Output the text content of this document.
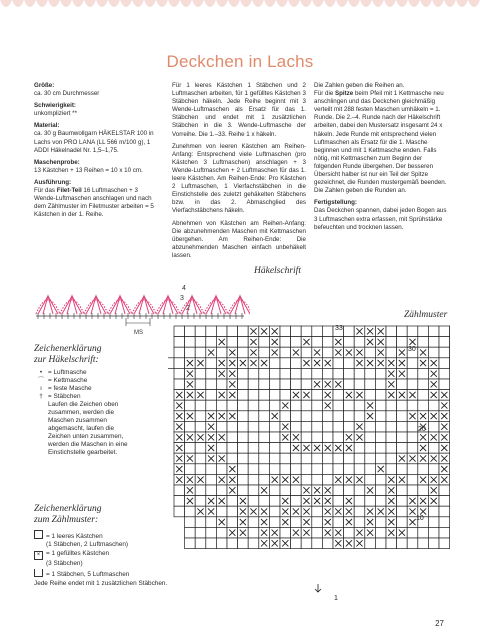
Deckchen in Lachs

Größe:
ca. 30 cm Durchmesser

Schwierigkeit:
unkompliziert **

Material:
ca. 30 g Baumwollgarn HÄKELSTAR 100 in Lachs von PRO LANA (LL 566 m/100 g), 1 ADDI Häkelnadel Nr. 1,5–1,75.

Maschenprobe:
13 Kästchen + 13 Reihen = 10 x 10 cm.

Ausführung:
Für das Filet-Teil 16 Luftmaschen + 3 Wende-Luftmaschen anschlagen und nach dem Zählmuster im Filetmuster arbeiten = 5 Kästchen in der 1. Reihe.

Für 1 leeres Kästchen 1 Stäbchen und 2 Luftmaschen arbeiten, für 1 gefülltes Kästchen 3 Stäbchen häkeln. Jede Reihe beginnt mit 3 Wende-Luftmaschen als Ersatz für das 1. Stäbchen und endet mit 1 zusätzlichen Stäbchen in die 3. Wende-Luftmasche der Vorreihe. Die 1.–33. Reihe 1 x häkeln.

Zunehmen von leeren Kästchen am Reihen-Anfang: Entsprechend viele Luftmaschen (pro Kästchen 3 Luftmaschen) anschlagen + 3 Wende-Luftmaschen + 2 Luftmaschen für das 1. leere Kästchen. Am Reihen-Ende: Pro Kästchen 2 Luftmaschen, 1 Vierfachstäbchen in die Einstichstelle des zuletzt gehäkelten Stäbchens bzw. in das 2. Abmaschglied des Vierfachstäbchens häkeln.

Abnehmen von Kästchen am Reihen-Anfang: Die abzunehmenden Maschen mit Kettmaschen übergehen. Am Reihen-Ende: Die abzunehmenden Maschen einfach unbehäkelt lassen.

Die Zahlen geben die Reihen an.

Für die Spitze beim Pfeil mit 1 Kettmasche neu anschlingen und das Deckchen gleichmäßig verteilt mit 288 festen Maschen umhäkeln = 1. Runde. Die 2.–4. Runde nach der Häkelschrift arbeiten, dabei den Mustersatz insgesamt 24 x häkeln. Jede Runde mit entsprechend vielen Luftmaschen als Ersatz für die 1. Masche beginnen und mit 1 Kettmasche enden. Falls nötig, mit Kettmaschen zum Beginn der folgenden Runde übergehen. Der besseren Übersicht halber ist nur ein Teil der Spitze gezeichnet, die Runden mustergemäß beenden. Die Zahlen geben die Runden an.

Fertigstellung:
Das Deckchen spannen, dabei jeden Bogen aus 3 Luftmaschen extra erfassen, mit Sprühstärke befeuchten und trocknen lassen.

Häkelschrift
MS
4
3
2
Zeichenerklärung
zur Häkelschrift:
• = Luftmasche
⌒ = Kettmasche
ı = feste Masche
† = Stäbchen
Laufen die Zeichen oben zusammen, werden die Maschen zusammen abgemascht, laufen die Zeichen unten zusammen, werden die Maschen in eine Einstichstelle gearbeitet.
Zeichenerklärung
zum Zählmuster:
= 1 leeres Kästchen
(1 Stäbchen, 2 Luftmaschen)
× = 1 gefülltes Kästchen
(3 Stäbchen)
= 1 Stäbchen, 5 Luftmaschen
Jede Reihe endet mit 1 zusätzlichen Stäbchen.
Zählmuster
33
30
20
10
1
27
